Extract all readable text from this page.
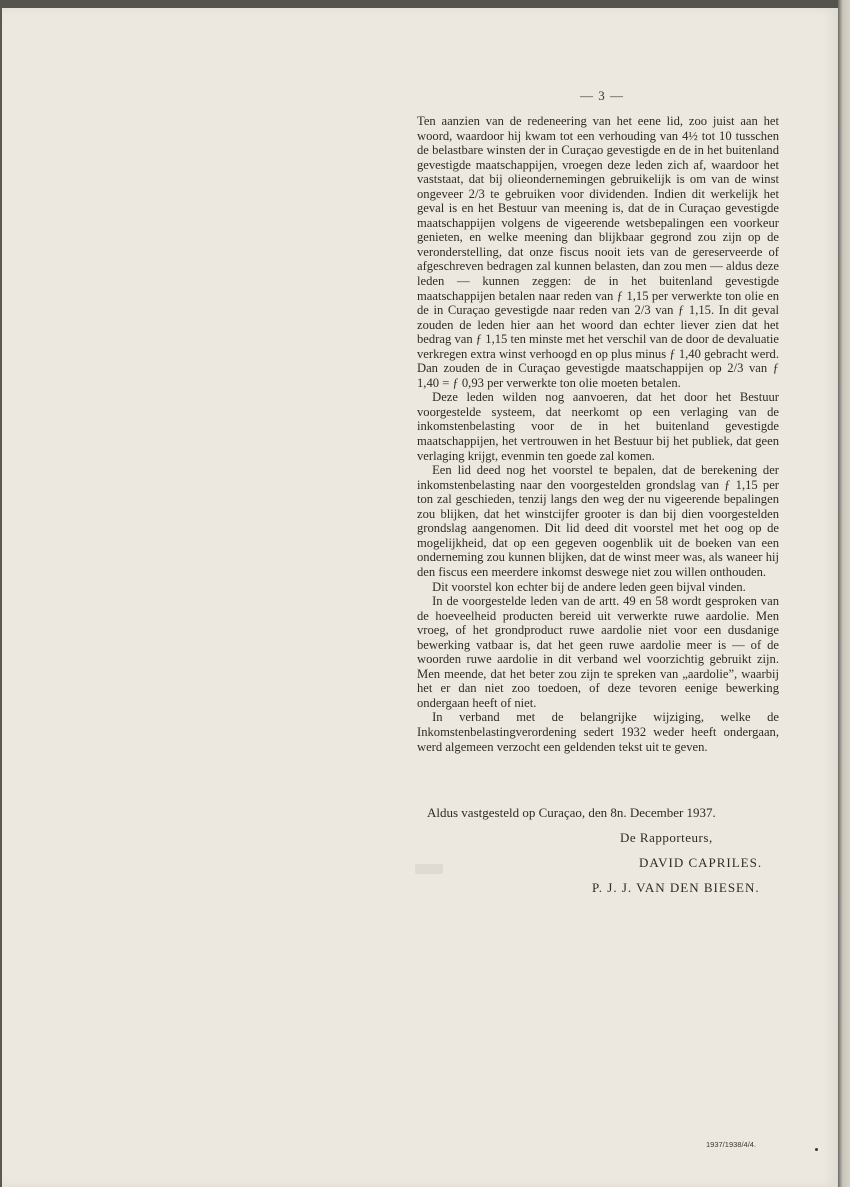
— 3 —

Ten aanzien van de redeneering van het eene lid, zoo juist aan het woord, waardoor hij kwam tot een verhouding van 4½ tot 10 tusschen de belastbare winsten der in Curaçao gevestigde en de in het buitenland gevestigde maatschappijen, vroegen deze leden zich af, waardoor het vaststaat, dat bij olieondernemingen gebruikelijk is om van de winst ongeveer 2/3 te gebruiken voor dividenden. Indien dit werkelijk het geval is en het Bestuur van meening is, dat de in Curaçao gevestigde maatschappijen volgens de vigeerende wetsbepalingen een voorkeur genieten, en welke meening dan blijkbaar gegrond zou zijn op de veronderstelling, dat onze fiscus nooit iets van de gereserveerde of afgeschreven bedragen zal kunnen belasten, dan zou men — aldus deze leden — kunnen zeggen: de in het buitenland gevestigde maatschappijen betalen naar reden van ƒ 1,15 per verwerkte ton olie en de in Curaçao gevestigde naar reden van 2/3 van ƒ 1,15. In dit geval zouden de leden hier aan het woord dan echter liever zien dat het bedrag van ƒ 1,15 ten minste met het verschil van de door de devaluatie verkregen extra winst verhoogd en op plus minus ƒ 1,40 gebracht werd. Dan zouden de in Curaçao gevestigde maatschappijen op 2/3 van ƒ 1,40 = ƒ 0,93 per verwerkte ton olie moeten betalen.

Deze leden wilden nog aanvoeren, dat het door het Bestuur voorgestelde systeem, dat neerkomt op een verlaging van de inkomstenbelasting voor de in het buitenland gevestigde maatschappijen, het vertrouwen in het Bestuur bij het publiek, dat geen verlaging krijgt, evenmin ten goede zal komen.

Een lid deed nog het voorstel te bepalen, dat de berekening der inkomstenbelasting naar den voorgestelden grondslag van ƒ 1,15 per ton zal geschieden, tenzij langs den weg der nu vigeerende bepalingen zou blijken, dat het winstcijfer grooter is dan bij dien voorgestelden grondslag aangenomen. Dit lid deed dit voorstel met het oog op de mogelijkheid, dat op een gegeven oogenblik uit de boeken van een onderneming zou kunnen blijken, dat de winst meer was, als waneer hij den fiscus een meerdere inkomst deswege niet zou willen onthouden.

Dit voorstel kon echter bij de andere leden geen bijval vinden.

In de voorgestelde leden van de artt. 49 en 58 wordt gesproken van de hoeveelheid producten bereid uit verwerkte ruwe aardolie. Men vroeg, of het grondproduct ruwe aardolie niet voor een dusdanige bewerking vatbaar is, dat het geen ruwe aardolie meer is — of de woorden ruwe aardolie in dit verband wel voorzichtig gebruikt zijn. Men meende, dat het beter zou zijn te spreken van „aardolie”, waarbij het er dan niet zoo toedoen, of deze tevoren eenige bewerking ondergaan heeft of niet.

In verband met de belangrijke wijziging, welke de Inkomstenbelastingverordening sedert 1932 weder heeft ondergaan, werd algemeen verzocht een geldenden tekst uit te geven.

Aldus vastgesteld op Curaçao, den 8n. December 1937.
De Rapporteurs,
DAVID CAPRILES.
P. J. J. VAN DEN BIESEN.
1937/1938/4/4.
